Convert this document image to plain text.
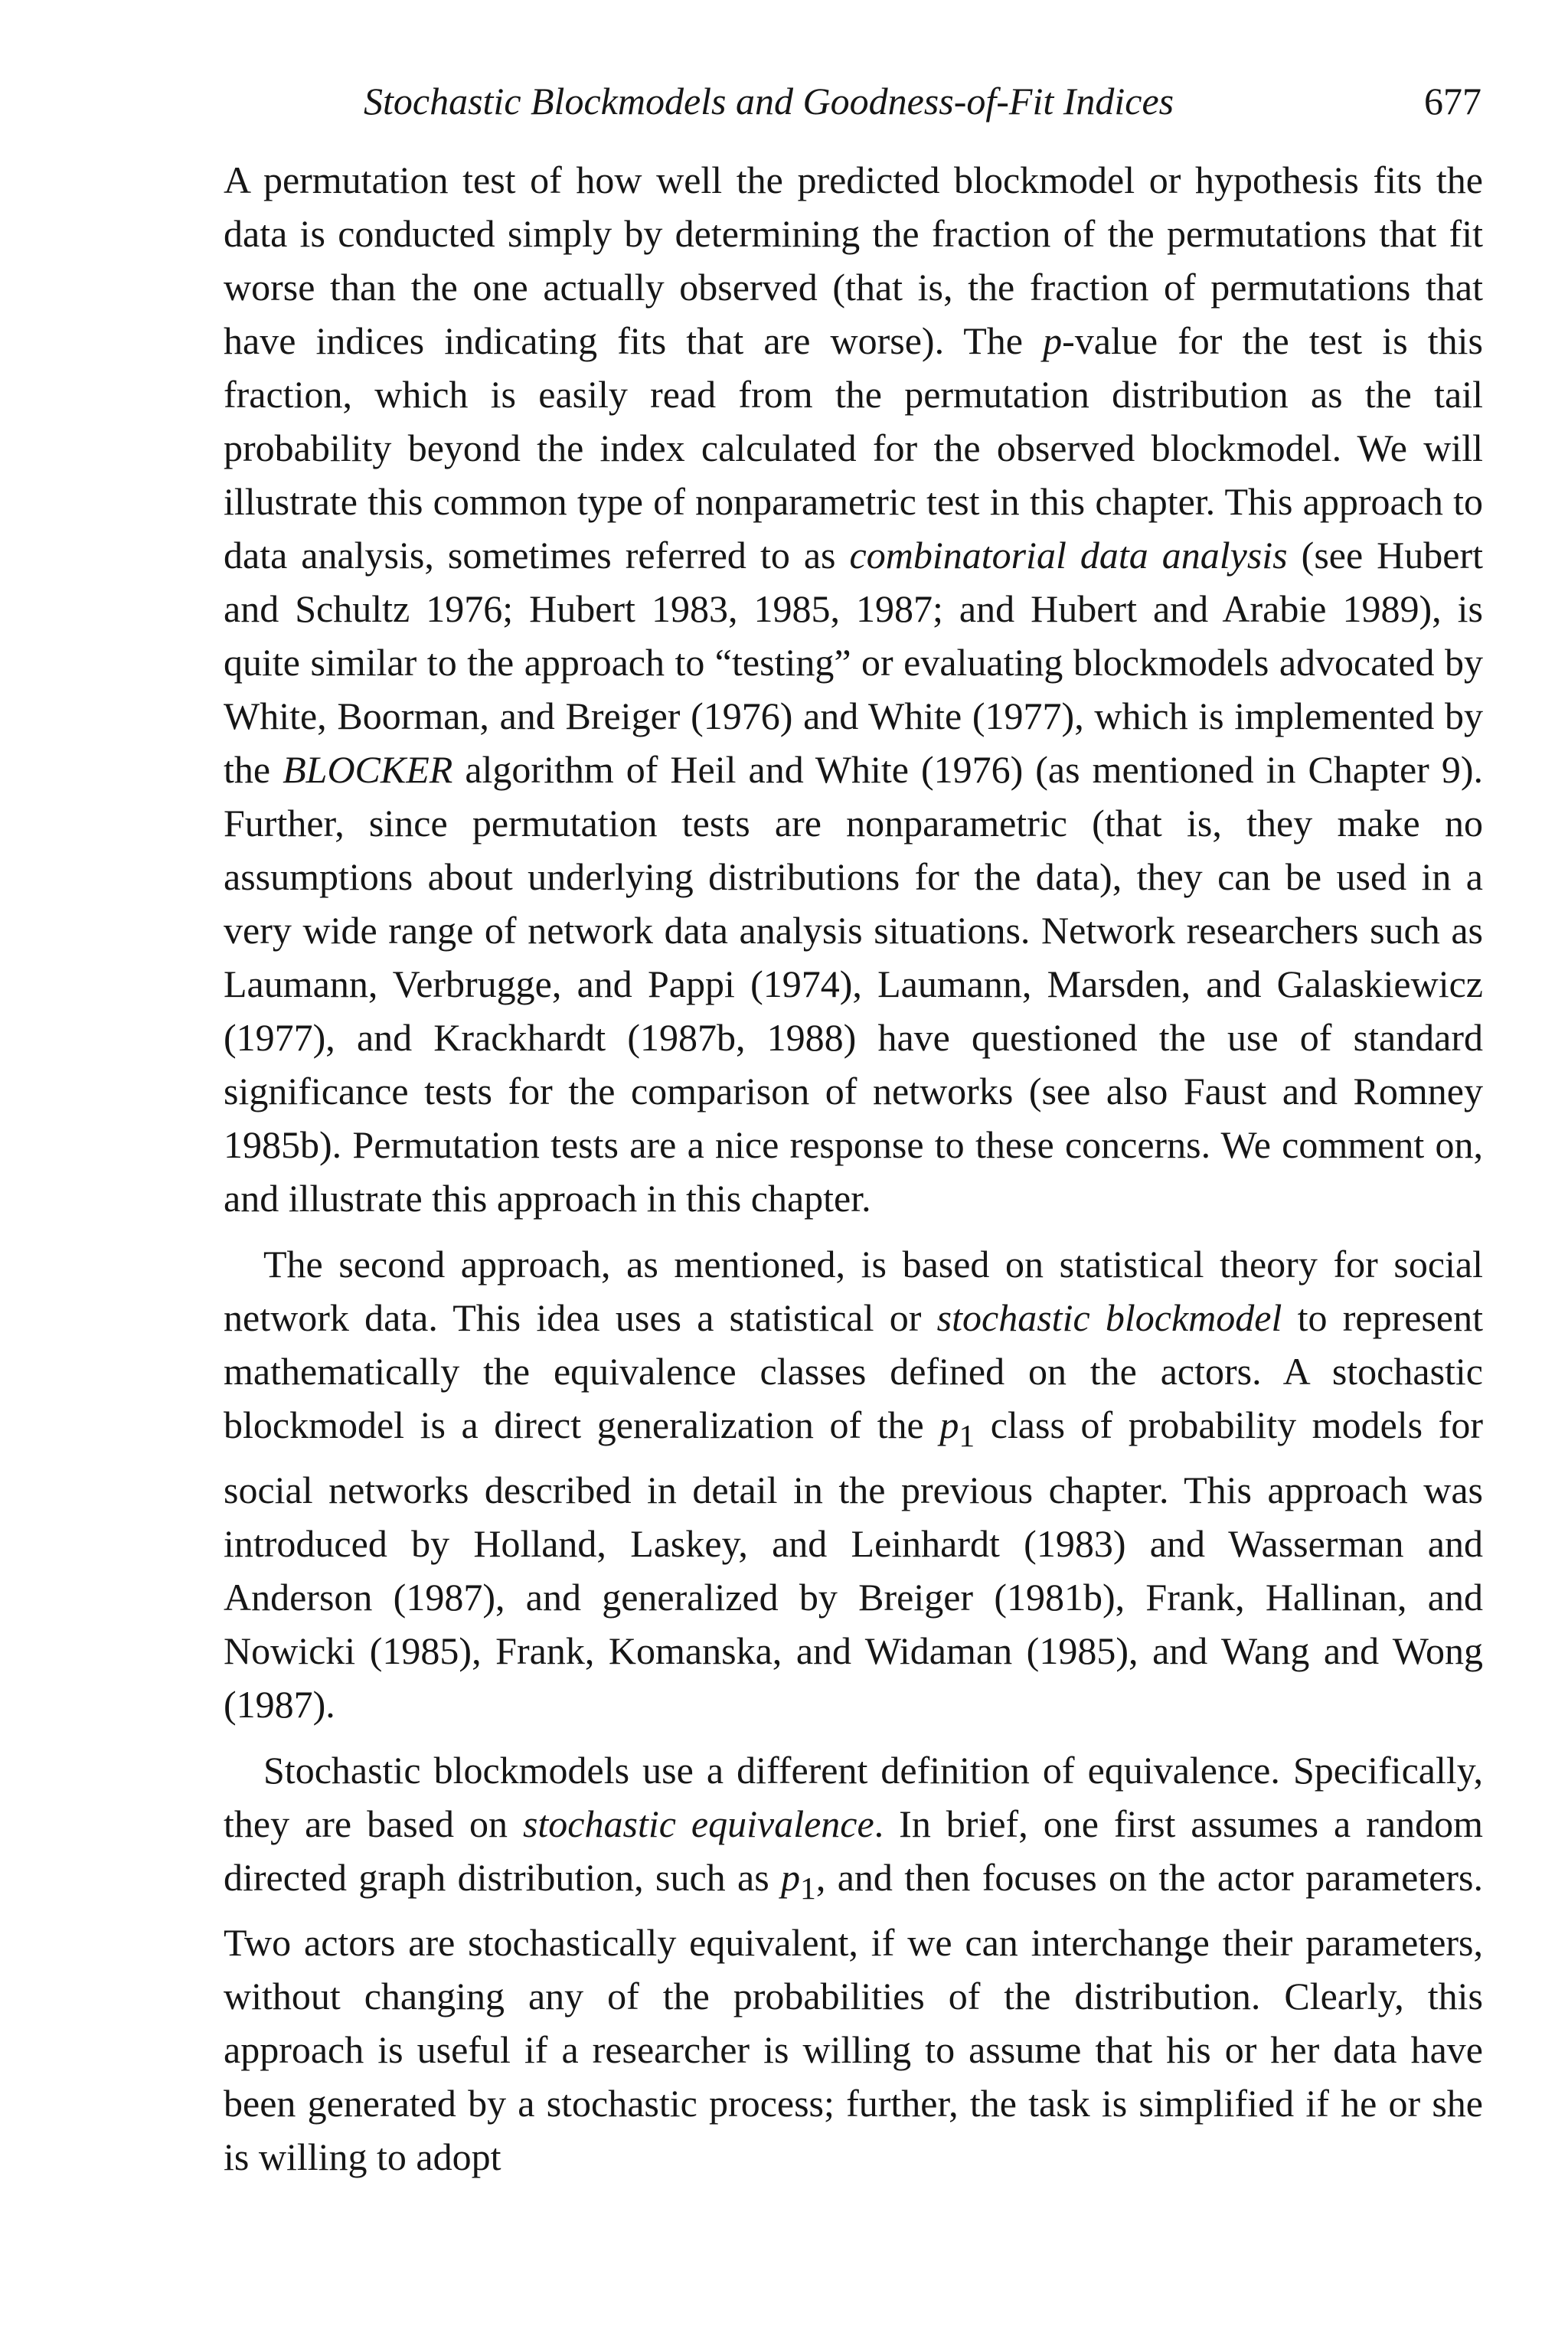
Stochastic Blockmodels and Goodness-of-Fit Indices	677

A permutation test of how well the predicted blockmodel or hypothesis fits the data is conducted simply by determining the fraction of the permutations that fit worse than the one actually observed (that is, the fraction of permutations that have indices indicating fits that are worse). The p-value for the test is this fraction, which is easily read from the permutation distribution as the tail probability beyond the index calculated for the observed blockmodel. We will illustrate this common type of nonparametric test in this chapter. This approach to data analysis, sometimes referred to as combinatorial data analysis (see Hubert and Schultz 1976; Hubert 1983, 1985, 1987; and Hubert and Arabie 1989), is quite similar to the approach to “testing” or evaluating blockmodels advocated by White, Boorman, and Breiger (1976) and White (1977), which is implemented by the BLOCKER algorithm of Heil and White (1976) (as mentioned in Chapter 9). Further, since permutation tests are nonparametric (that is, they make no assumptions about underlying distributions for the data), they can be used in a very wide range of network data analysis situations. Network researchers such as Laumann, Verbrugge, and Pappi (1974), Laumann, Marsden, and Galaskiewicz (1977), and Krackhardt (1987b, 1988) have questioned the use of standard significance tests for the comparison of networks (see also Faust and Romney 1985b). Permutation tests are a nice response to these concerns. We comment on, and illustrate this approach in this chapter.

The second approach, as mentioned, is based on statistical theory for social network data. This idea uses a statistical or stochastic blockmodel to represent mathematically the equivalence classes defined on the actors. A stochastic blockmodel is a direct generalization of the $p_1$ class of probability models for social networks described in detail in the previous chapter. This approach was introduced by Holland, Laskey, and Leinhardt (1983) and Wasserman and Anderson (1987), and generalized by Breiger (1981b), Frank, Hallinan, and Nowicki (1985), Frank, Komanska, and Widaman (1985), and Wang and Wong (1987).

Stochastic blockmodels use a different definition of equivalence. Specifically, they are based on stochastic equivalence. In brief, one first assumes a random directed graph distribution, such as $p_1$, and then focuses on the actor parameters. Two actors are stochastically equivalent, if we can interchange their parameters, without changing any of the probabilities of the distribution. Clearly, this approach is useful if a researcher is willing to assume that his or her data have been generated by a stochastic process; further, the task is simplified if he or she is willing to adopt
